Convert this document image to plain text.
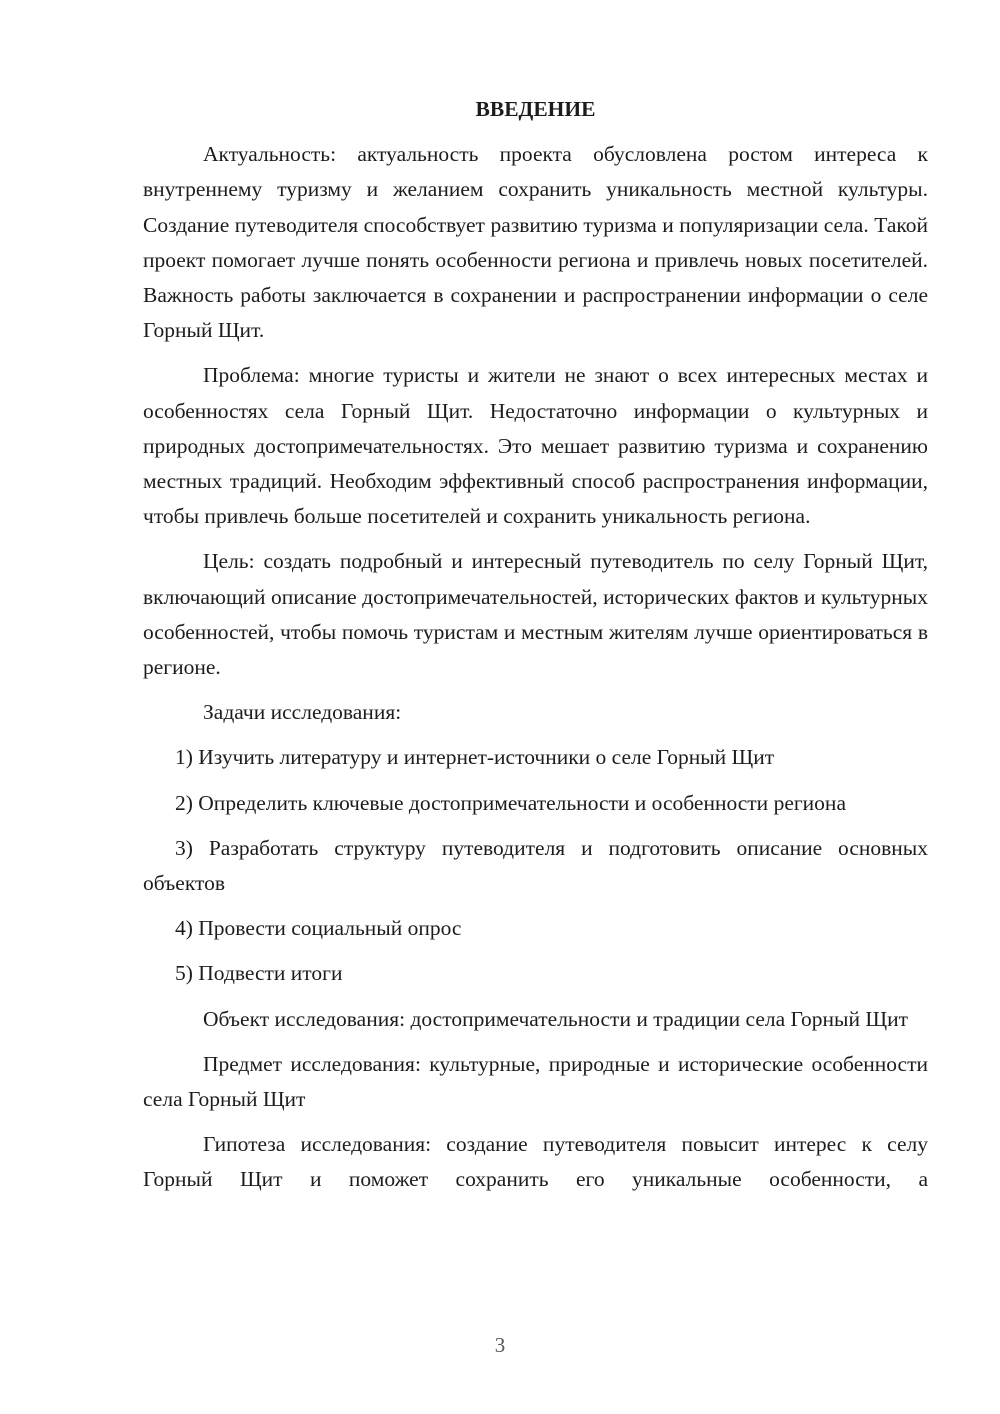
ВВЕДЕНИЕ

Актуальность: актуальность проекта обусловлена ростом интереса к внутреннему туризму и желанием сохранить уникальность местной культуры. Создание путеводителя способствует развитию туризма и популяризации села. Такой проект помогает лучше понять особенности региона и привлечь новых посетителей. Важность работы заключается в сохранении и распространении информации о селе Горный Щит.

Проблема: многие туристы и жители не знают о всех интересных местах и особенностях села Горный Щит. Недостаточно информации о культурных и природных достопримечательностях. Это мешает развитию туризма и сохранению местных традиций. Необходим эффективный способ распространения информации, чтобы привлечь больше посетителей и сохранить уникальность региона.

Цель: создать подробный и интересный путеводитель по селу Горный Щит, включающий описание достопримечательностей, исторических фактов и культурных особенностей, чтобы помочь туристам и местным жителям лучше ориентироваться в регионе.

Задачи исследования:

1) Изучить литературу и интернет-источники о селе Горный Щит

2) Определить ключевые достопримечательности и особенности региона

3) Разработать структуру путеводителя и подготовить описание основных объектов

4) Провести социальный опрос

5) Подвести итоги

Объект исследования: достопримечательности и традиции села Горный Щит

Предмет исследования: культурные, природные и исторические особенности села Горный Щит

Гипотеза исследования: создание путеводителя повысит интерес к селу Горный Щит и поможет сохранить его уникальные особенности, а

3
